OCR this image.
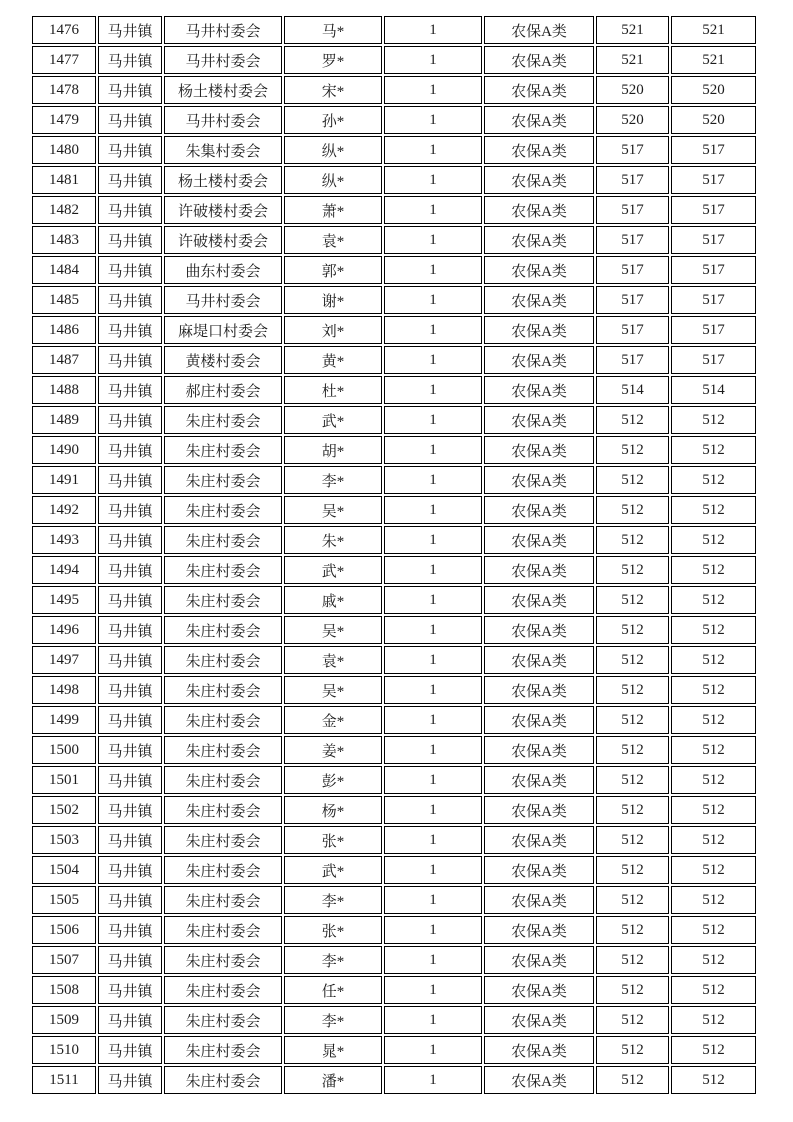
1476	马井镇	马井村委会	马*	1	农保A类	521	521
1477	马井镇	马井村委会	罗*	1	农保A类	521	521
1478	马井镇	杨土楼村委会	宋*	1	农保A类	520	520
1479	马井镇	马井村委会	孙*	1	农保A类	520	520
1480	马井镇	朱集村委会	纵*	1	农保A类	517	517
1481	马井镇	杨土楼村委会	纵*	1	农保A类	517	517
1482	马井镇	许破楼村委会	萧*	1	农保A类	517	517
1483	马井镇	许破楼村委会	袁*	1	农保A类	517	517
1484	马井镇	曲东村委会	郭*	1	农保A类	517	517
1485	马井镇	马井村委会	谢*	1	农保A类	517	517
1486	马井镇	麻堤口村委会	刘*	1	农保A类	517	517
1487	马井镇	黄楼村委会	黄*	1	农保A类	517	517
1488	马井镇	郝庄村委会	杜*	1	农保A类	514	514
1489	马井镇	朱庄村委会	武*	1	农保A类	512	512
1490	马井镇	朱庄村委会	胡*	1	农保A类	512	512
1491	马井镇	朱庄村委会	李*	1	农保A类	512	512
1492	马井镇	朱庄村委会	吴*	1	农保A类	512	512
1493	马井镇	朱庄村委会	朱*	1	农保A类	512	512
1494	马井镇	朱庄村委会	武*	1	农保A类	512	512
1495	马井镇	朱庄村委会	戚*	1	农保A类	512	512
1496	马井镇	朱庄村委会	吴*	1	农保A类	512	512
1497	马井镇	朱庄村委会	袁*	1	农保A类	512	512
1498	马井镇	朱庄村委会	吴*	1	农保A类	512	512
1499	马井镇	朱庄村委会	金*	1	农保A类	512	512
1500	马井镇	朱庄村委会	姜*	1	农保A类	512	512
1501	马井镇	朱庄村委会	彭*	1	农保A类	512	512
1502	马井镇	朱庄村委会	杨*	1	农保A类	512	512
1503	马井镇	朱庄村委会	张*	1	农保A类	512	512
1504	马井镇	朱庄村委会	武*	1	农保A类	512	512
1505	马井镇	朱庄村委会	李*	1	农保A类	512	512
1506	马井镇	朱庄村委会	张*	1	农保A类	512	512
1507	马井镇	朱庄村委会	李*	1	农保A类	512	512
1508	马井镇	朱庄村委会	任*	1	农保A类	512	512
1509	马井镇	朱庄村委会	李*	1	农保A类	512	512
1510	马井镇	朱庄村委会	晁*	1	农保A类	512	512
1511	马井镇	朱庄村委会	潘*	1	农保A类	512	512
